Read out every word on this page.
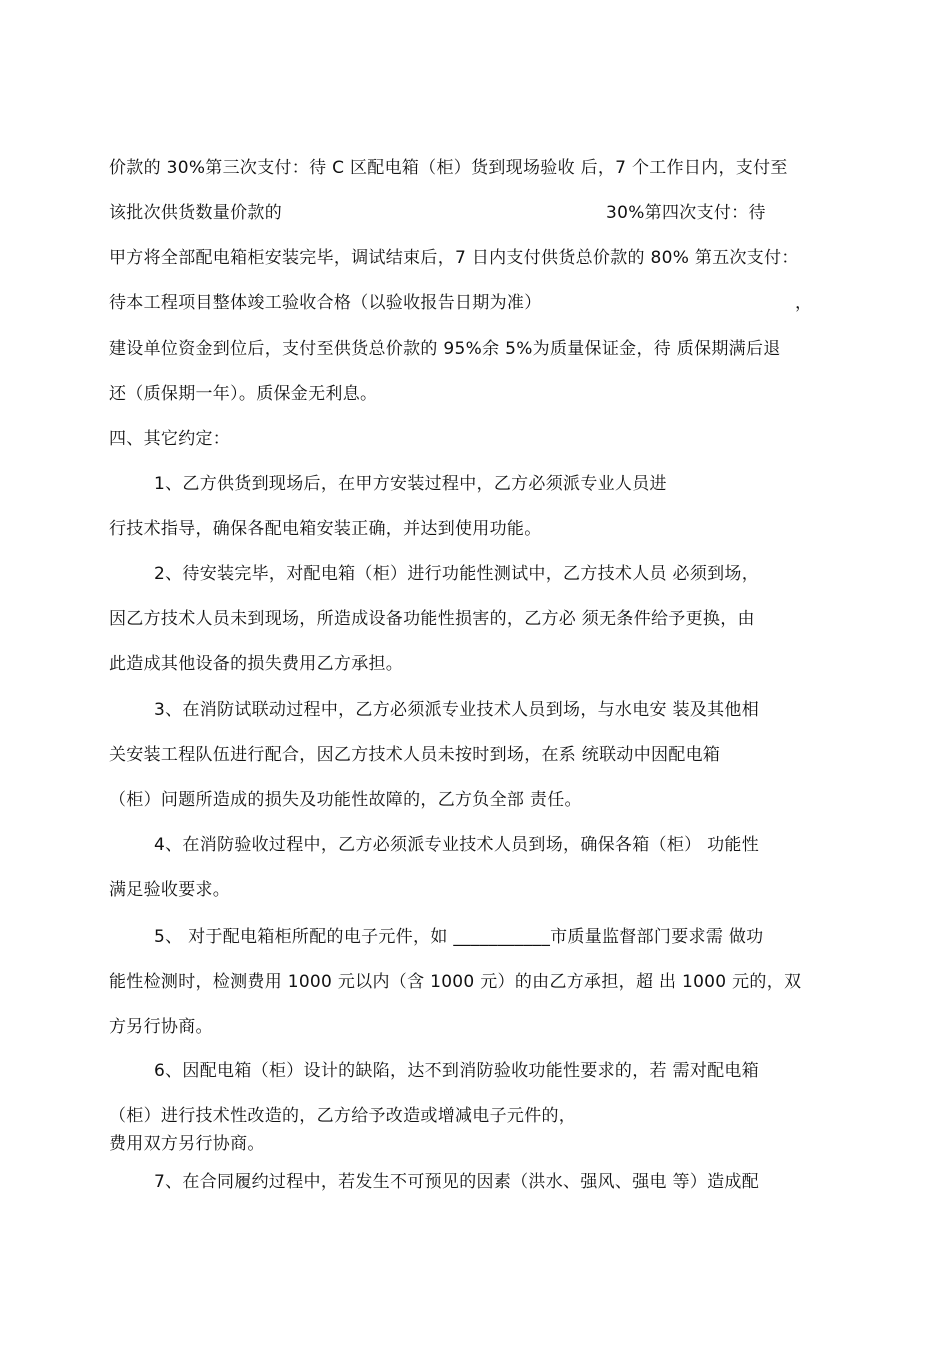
价款的 30%第三次支付：待 C 区配电箱（柜）货到现场验收 后，7 个工作日内，支付至
该批次供货数量价款的	30%第四次支付：待
甲方将全部配电箱柜安装完毕，调试结束后，7 日内支付供货总价款的 80% 第五次支付：
待本工程项目整体竣工验收合格（以验收报告日期为准）	，
建设单位资金到位后，支付至供货总价款的 95%余 5%为质量保证金，待 质保期满后退
还（质保期一年）。质保金无利息。
四、其它约定：
1、乙方供货到现场后，在甲方安装过程中，乙方必须派专业人员进
行技术指导，确保各配电箱安装正确，并达到使用功能。
2、待安装完毕，对配电箱（柜）进行功能性测试中，乙方技术人员 必须到场，
因乙方技术人员未到现场，所造成设备功能性损害的，乙方必 须无条件给予更换，由
此造成其他设备的损失费用乙方承担。
3、在消防试联动过程中，乙方必须派专业技术人员到场，与水电安 装及其他相
关安装工程队伍进行配合，因乙方技术人员未按时到场，在系 统联动中因配电箱
（柜）问题所造成的损失及功能性故障的，乙方负全部 责任。
4、在消防验收过程中，乙方必须派专业技术人员到场，确保各箱（柜） 功能性
满足验收要求。
5、 对于配电箱柜所配的电子元件，如 ___________市质量监督部门要求需 做功
能性检测时，检测费用 1000 元以内（含 1000 元）的由乙方承担，超 出 1000 元的，双
方另行协商。
6、因配电箱（柜）设计的缺陷，达不到消防验收功能性要求的，若 需对配电箱
（柜）进行技术性改造的，乙方给予改造或增减电子元件的，
费用双方另行协商。
7、在合同履约过程中，若发生不可预见的因素（洪水、强风、强电 等）造成配
